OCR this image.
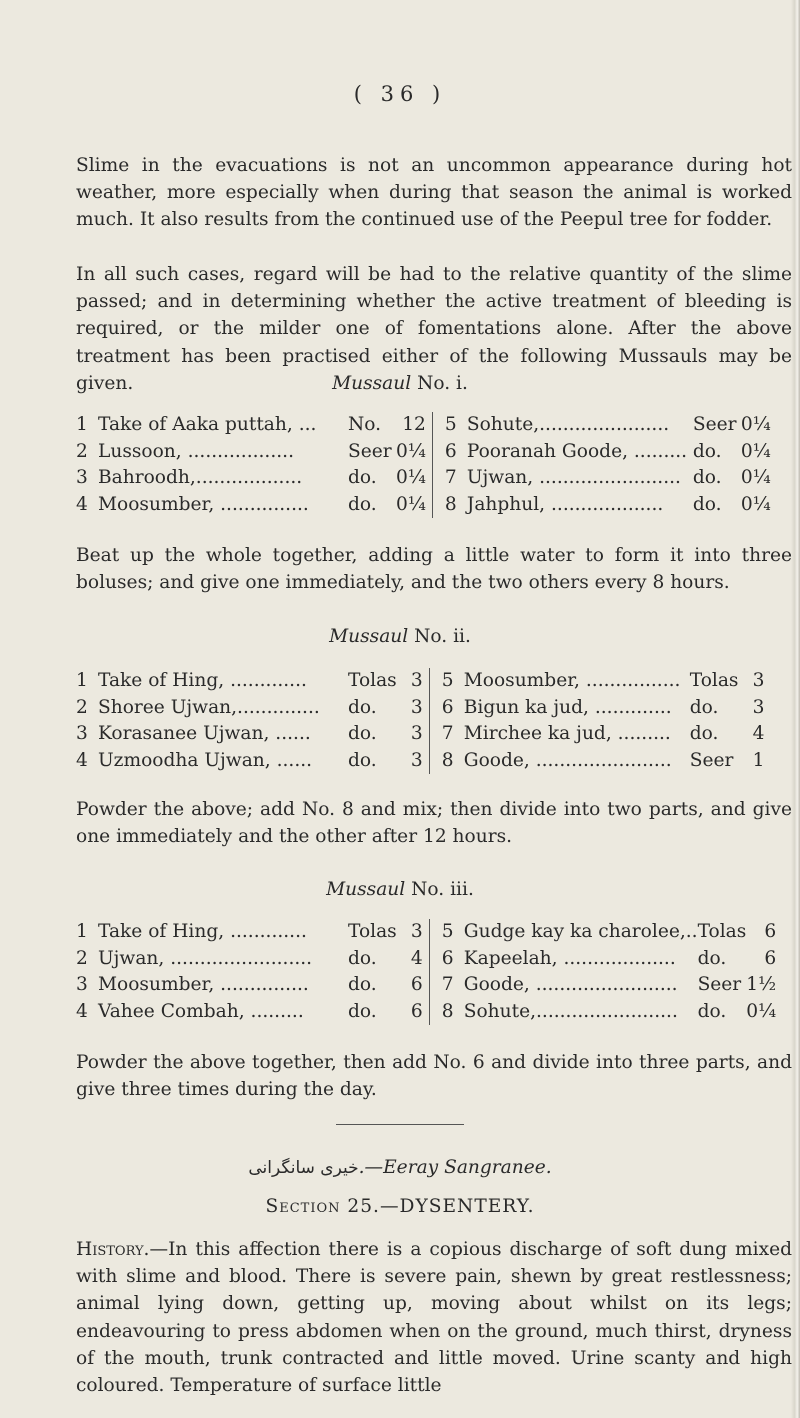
( 36 )

Slime in the evacuations is not an uncommon appearance during hot weather, more especially when during that season the animal is worked much. It also results from the continued use of the Peepul tree for fodder.

In all such cases, regard will be had to the relative quantity of the slime passed; and in determining whether the active treatment of bleeding is required, or the milder one of fomentations alone. After the above treatment has been practised either of the following Mussauls may be given.	Mussaul No. i.

1	Take of Aaka puttah, ...	No.	12		5	Sohute,......................	Seer	0¼
2	Lussoon, ..................	Seer	0¼		6	Pooranah Goode, .........	do.	0¼
3	Bahroodh,..................	do.	0¼		7	Ujwan, ........................	do.	0¼
4	Moosumber, ...............	do.	0¼		8	Jahphul, ...................	do.	0¼

Beat up the whole together, adding a little water to form it into three boluses; and give one immediately, and the two others every 8 hours.

Mussaul No. ii.

1	Take of Hing, .............	Tolas	3		5	Moosumber, ................	Tolas	3
2	Shoree Ujwan,..............	do.	3		6	Bigun ka jud, .............	do.	3
3	Korasanee Ujwan, ......	do.	3		7	Mirchee ka jud, .........	do.	4
4	Uzmoodha Ujwan, ......	do.	3		8	Goode, .......................	Seer	1

Powder the above; add No. 8 and mix; then divide into two parts, and give one immediately and the other after 12 hours.

Mussaul No. iii.

1	Take of Hing, .............	Tolas	3		5	Gudge kay ka charolee,..	Tolas	6
2	Ujwan, ........................	do.	4		6	Kapeelah, ...................	do.	6
3	Moosumber, ...............	do.	6		7	Goode, ........................	Seer	1½
4	Vahee Combah, .........	do.	6		8	Sohute,........................	do.	0¼

Powder the above together, then add No. 6 and divide into three parts, and give three times during the day.

خیری سانگرانی.—Eeray Sangranee.

Section 25.—DYSENTERY.

History.—In this affection there is a copious discharge of soft dung mixed with slime and blood. There is severe pain, shewn by great restlessness; animal lying down, getting up, moving about whilst on its legs; endeavouring to press abdomen when on the ground, much thirst, dryness of the mouth, trunk contracted and little moved. Urine scanty and high coloured. Temperature of surface little
